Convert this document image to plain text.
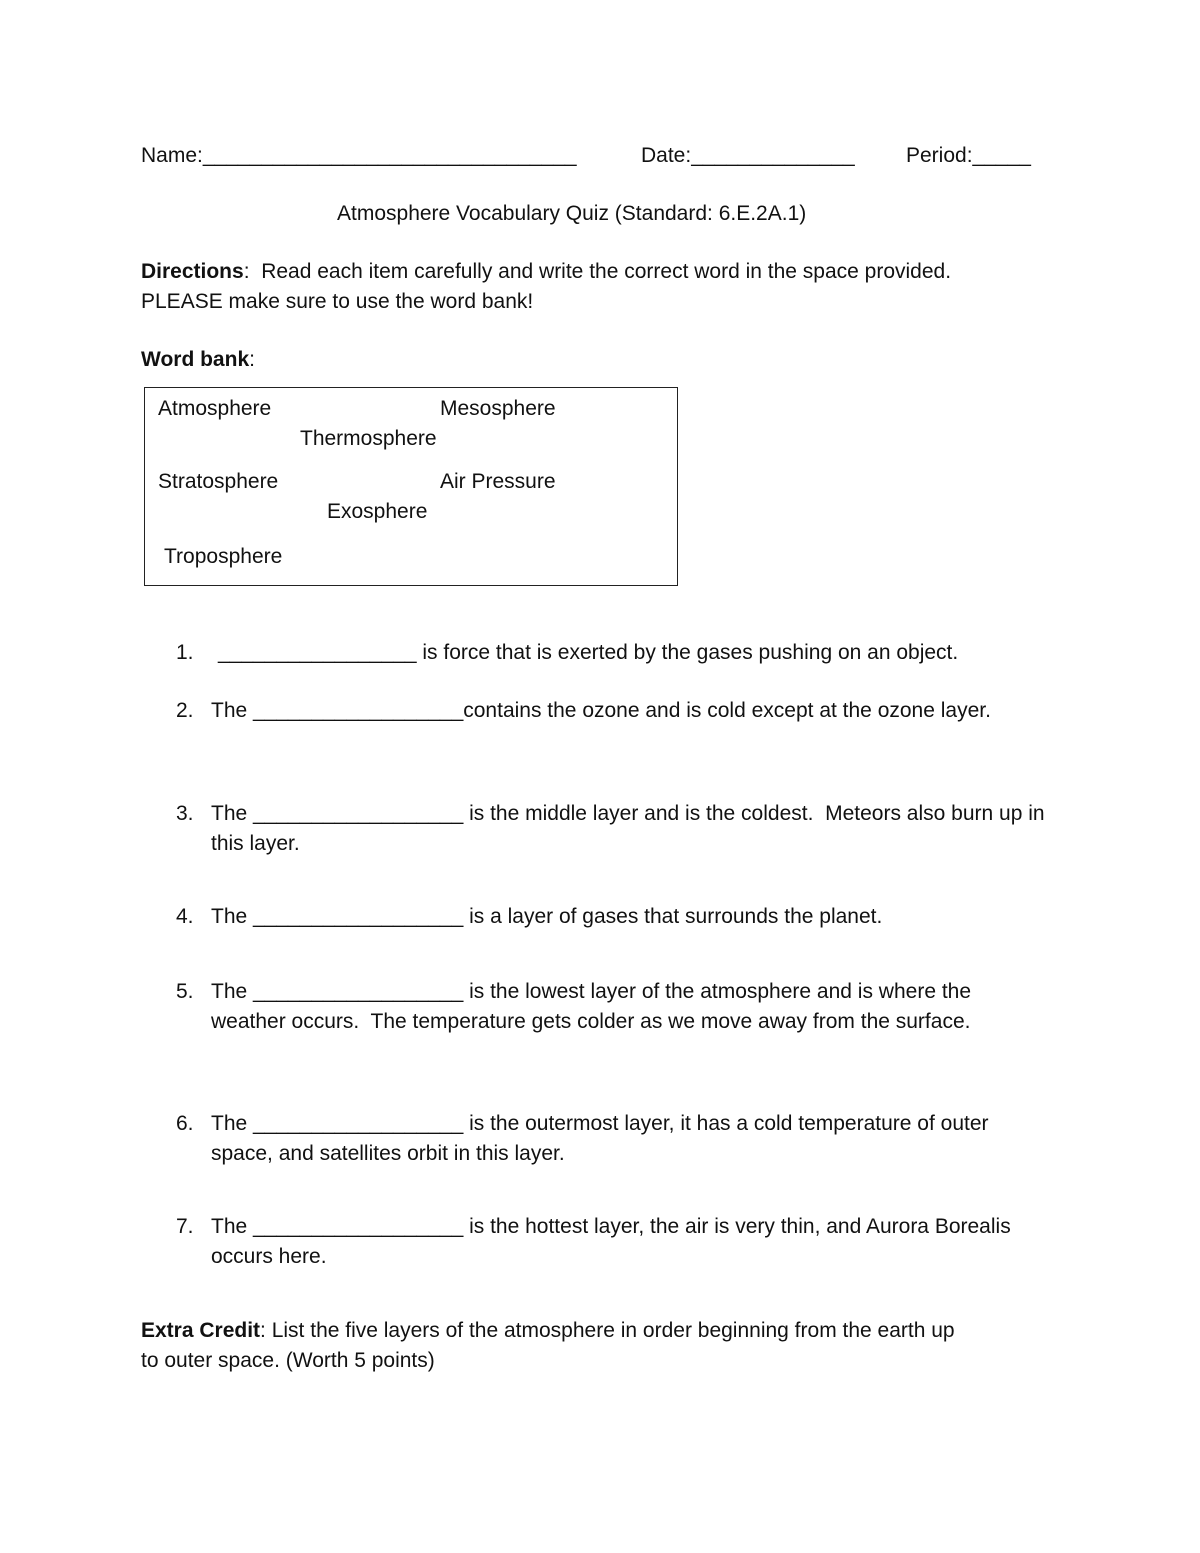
Name:________________________________	Date:______________ Period:_____
Atmosphere Vocabulary Quiz (Standard: 6.E.2A.1)
Directions:  Read each item carefully and write the correct word in the space provided.
PLEASE make sure to use the word bank!
Word bank:
Atmosphere	Mesosphere
Thermosphere
Stratosphere	Air Pressure
Exosphere
Troposphere
1. _________________ is force that is exerted by the gases pushing on an object.
2. The __________________contains the ozone and is cold except at the ozone layer.
3. The __________________ is the middle layer and is the coldest.  Meteors also burn up in this layer.
4. The __________________ is a layer of gases that surrounds the planet.
5. The __________________ is the lowest layer of the atmosphere and is where the weather occurs.  The temperature gets colder as we move away from the surface.
6. The __________________ is the outermost layer, it has a cold temperature of outer space, and satellites orbit in this layer.
7. The __________________ is the hottest layer, the air is very thin, and Aurora Borealis occurs here.
Extra Credit: List the five layers of the atmosphere in order beginning from the earth up
to outer space. (Worth 5 points)
